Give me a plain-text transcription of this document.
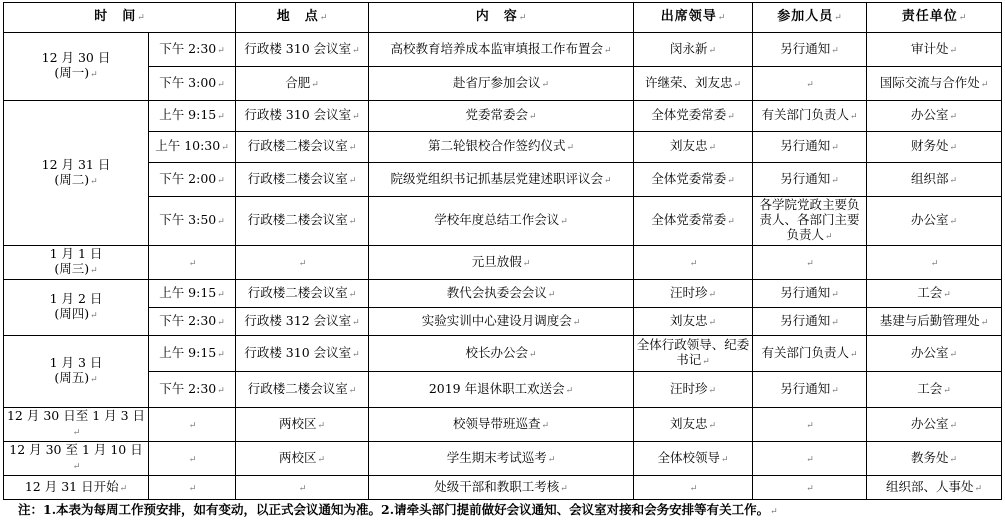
时　间↵		地　点↵	内　容↵	出席领导↵	参加人员↵	责任单位↵
12 月 30 日
(周一)↵	下午 2:30↵	行政楼 310 会议室↵	高校教育培养成本监审填报工作布置会↵	闵永新↵	另行通知↵	审计处↵
	下午 3:00↵	合肥↵	赴省厅参加会议↵	许继荣、刘友忠↵	↵	国际交流与合作处↵
12 月 31 日
(周二)↵	上午 9:15↵	行政楼 310 会议室↵	党委常委会↵	全体党委常委↵	有关部门负责人↵	办公室↵
	上午 10:30↵	行政楼二楼会议室↵	第二轮银校合作签约仪式↵	刘友忠↵	另行通知↵	财务处↵
	下午 2:00↵	行政楼二楼会议室↵	院级党组织书记抓基层党建述职评议会↵	全体党委常委↵	另行通知↵	组织部↵
	下午 3:50↵	行政楼二楼会议室↵	学校年度总结工作会议↵	全体党委常委↵	各学院党政主要负责人、各部门主要负责人↵	办公室↵
1 月 1 日
(周三)↵	↵	↵	元旦放假↵	↵	↵	↵
1 月 2 日
(周四)↵	上午 9:15↵	行政楼二楼会议室↵	教代会执委会会议↵	汪时珍↵	另行通知↵	工会↵
	下午 2:30↵	行政楼 312 会议室↵	实验实训中心建设月调度会↵	刘友忠↵	另行通知↵	基建与后勤管理处↵
1 月 3 日
(周五)↵	上午 9:15↵	行政楼 310 会议室↵	校长办公会↵	全体行政领导、纪委书记↵	有关部门负责人↵	办公室↵
	下午 2:30↵	行政楼二楼会议室↵	2019 年退休职工欢送会↵	汪时珍↵	另行通知↵	工会↵
12 月 30 日至 1 月 3 日↵	↵	两校区↵	校领导带班巡查↵	刘友忠↵	↵	办公室↵
12 月 30 至 1 月 10 日↵	↵	两校区↵	学生期末考试巡考↵	全体校领导↵	↵	教务处↵
12 月 31 日开始↵	↵	↵	处级干部和教职工考核↵	↵	↵	组织部、人事处↵
注：1.本表为每周工作预安排，如有变动，以正式会议通知为准。2.请牵头部门提前做好会议通知、会议室对接和会务安排等有关工作。↵
